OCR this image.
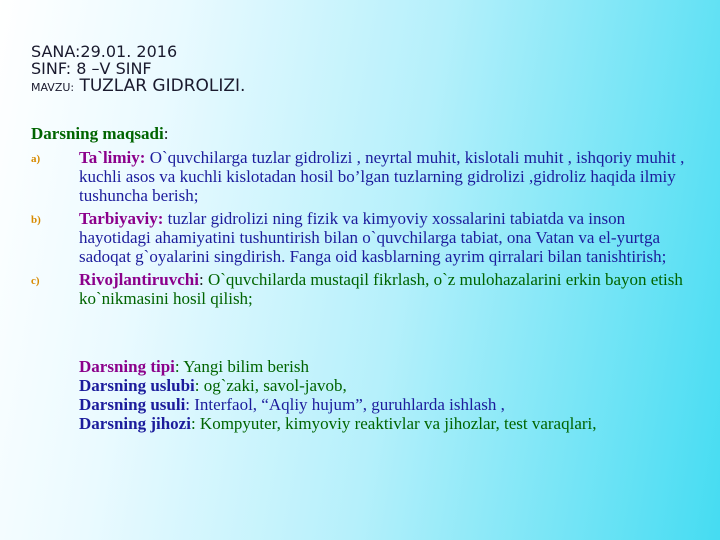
SANA:29.01. 2016
SINF: 8 –V SINF
MAVZU: TUZLAR GIDROLIZI.
Darsning maqsadi:
a)	Ta`limiy: O`quvchilarga tuzlar gidrolizi , neyrtal muhit, kislotali muhit , ishqoriy muhit , kuchli asos va kuchli kislotadan hosil bo’lgan tuzlarning gidrolizi ,gidroliz haqida ilmiy tushuncha berish;
b)	Tarbiyaviy: tuzlar gidrolizi ning fizik va kimyoviy xossalarini tabiatda va inson hayotidagi ahamiyatini tushuntirish bilan o`quvchilarga tabiat, ona Vatan va el-yurtga sadoqat g`oyalarini singdirish. Fanga oid kasblarning ayrim qirralari bilan tanishtirish;
c)	Rivojlantiruvchi: O`quvchilarda mustaqil fikrlash, o`z mulohazalarini erkin bayon etish ko`nikmasini hosil qilish;
Darsning tipi: Yangi bilim berish
Darsning uslubi: og`zaki, savol-javob,
Darsning usuli: Interfaol, “Aqliy hujum”, guruhlarda ishlash ,
Darsning jihozi: Kompyuter, kimyoviy reaktivlar va jihozlar, test varaqlari,
